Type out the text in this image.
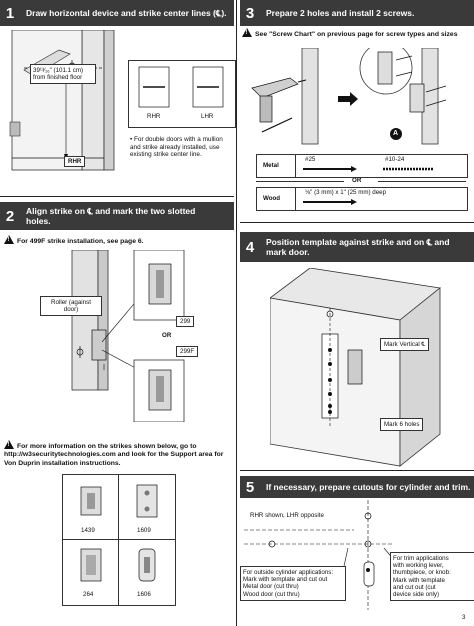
1	Draw horizontal device and strike center lines (℄).
39¹³⁄₁₆" (101.1 cm) from finished floor
RHR
RHR	LHR
• For double doors with a mullion and strike already installed, use existing strike center line.
2	Align strike on ℄ and mark the two slotted holes.
!For 499F strike installation, see page 6.
Roller (against door)
299
OR
299F
!For more information on the strikes shown below, go to http://w3securitytechnologies.com and look for the Support area for Von Duprin installation instructions.
1439	1609
264	1606
3	Prepare 2 holes and install 2 screws.
!See "Screw Chart" on previous page for screw types and sizes
A
Metal
#25	#10-24
OR
Wood
⅛" (3 mm) x 1" (25 mm) deep
4	Position template against strike and on ℄ and mark door.
Mark Vertical ℄
Mark 6 holes
5	If necessary, prepare cutouts for cylinder and trim.
RHR shown, LHR opposite
For outside cylinder applications:
Mark with template and cut out
Metal door (cut thru)
Wood door (cut thru)
For trim applications
with working lever,
thumbpiece, or knob:
Mark with template
and cut out (cut
device side only)
3
